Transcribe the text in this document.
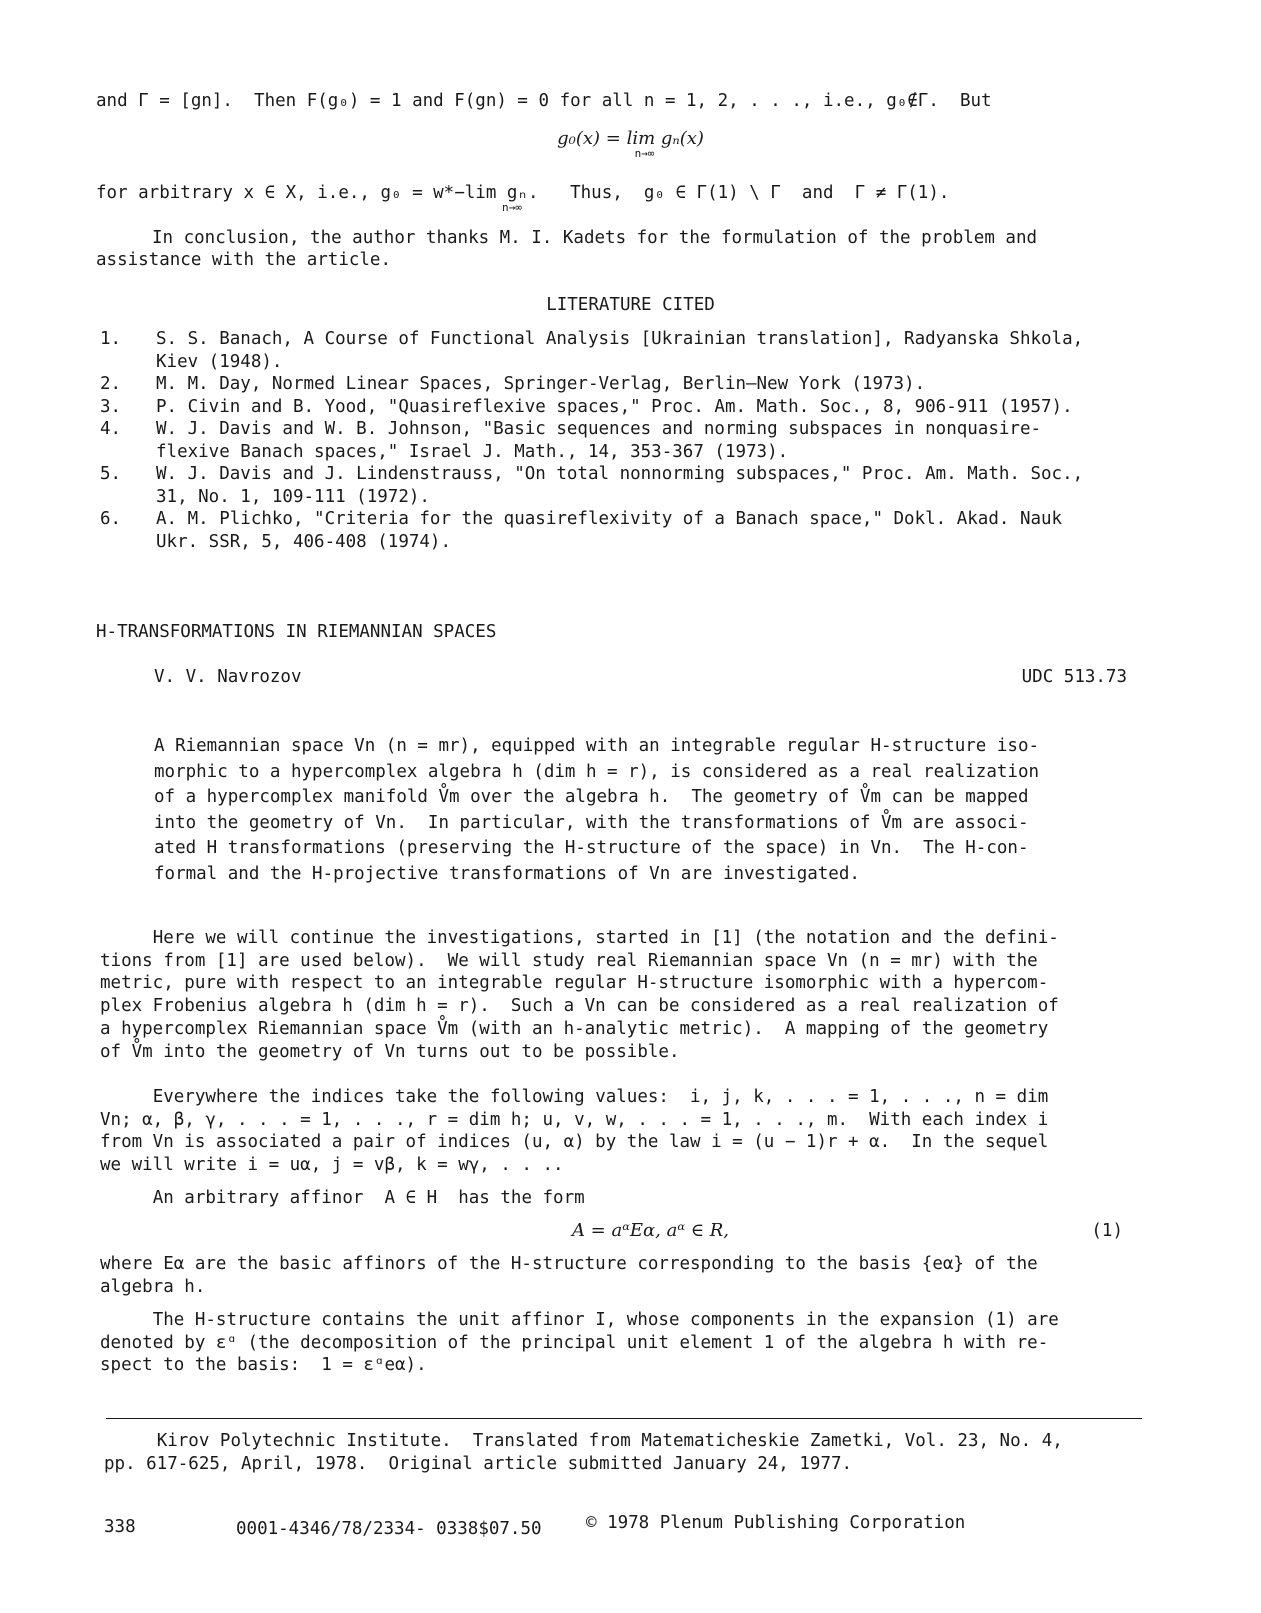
and Γ = [gn].  Then F(g₀) = 1 and F(gn) = 0 for all n = 1, 2, . . ., i.e., g₀∉Γ.  But
g₀(x) = lim gₙ(x)
n→∞
for arbitrary x ∈ X, i.e., g₀ = w*−lim gₙ.   Thus,  g₀ ∈ Γ(1) \ Γ  and  Γ ≠ Γ(1).
n→∞
In conclusion, the author thanks M. I. Kadets for the formulation of the problem and
assistance with the article.
LITERATURE CITED
1. S. S. Banach, A Course of Functional Analysis [Ukrainian translation], Radyanska Shkola,
Kiev (1948).
2. M. M. Day, Normed Linear Spaces, Springer-Verlag, Berlin—New York (1973).
3. P. Civin and B. Yood, "Quasireflexive spaces," Proc. Am. Math. Soc., 8, 906-911 (1957).
4. W. J. Davis and W. B. Johnson, "Basic sequences and norming subspaces in nonquasire-
flexive Banach spaces," Israel J. Math., 14, 353-367 (1973).
5. W. J. Davis and J. Lindenstrauss, "On total nonnorming subspaces," Proc. Am. Math. Soc.,
31, No. 1, 109-111 (1972).
6. A. M. Plichko, "Criteria for the quasireflexivity of a Banach space," Dokl. Akad. Nauk
Ukr. SSR, 5, 406-408 (1974).
H-TRANSFORMATIONS IN RIEMANNIAN SPACES
V. V. Navrozov	UDC 513.73
A Riemannian space Vn (n = mr), equipped with an integrable regular H-structure iso-
morphic to a hypercomplex algebra h (dim h = r), is considered as a real realization
of a hypercomplex manifold V̊m over the algebra h.  The geometry of V̊m can be mapped
into the geometry of Vn.  In particular, with the transformations of V̊m are associ-
ated H transformations (preserving the H-structure of the space) in Vn.  The H-con-
formal and the H-projective transformations of Vn are investigated.
Here we will continue the investigations, started in [1] (the notation and the defini-
tions from [1] are used below).  We will study real Riemannian space Vn (n = mr) with the
metric, pure with respect to an integrable regular H-structure isomorphic with a hypercom-
plex Frobenius algebra h (dim h = r).  Such a Vn can be considered as a real realization of
a hypercomplex Riemannian space V̊m (with an h-analytic metric).  A mapping of the geometry
of V̊m into the geometry of Vn turns out to be possible.
Everywhere the indices take the following values:  i, j, k, . . . = 1, . . ., n = dim
Vn; α, β, γ, . . . = 1, . . ., r = dim h; u, v, w, . . . = 1, . . ., m.  With each index i
from Vn is associated a pair of indices (u, α) by the law i = (u − 1)r + α.  In the sequel
we will write i = uα, j = vβ, k = wγ, . . ..
An arbitrary affinor  A ∈ H  has the form
A = aᵅEα, aᵅ ∈ R,	(1)
where Eα are the basic affinors of the H-structure corresponding to the basis {eα} of the
algebra h.
The H-structure contains the unit affinor I, whose components in the expansion (1) are
denoted by εᵅ (the decomposition of the principal unit element 1 of the algebra h with re-
spect to the basis:  1 = εᵅeα).
Kirov Polytechnic Institute.  Translated from Matematicheskie Zametki, Vol. 23, No. 4,
pp. 617-625, April, 1978.  Original article submitted January 24, 1977.
338	0001-4346/78/2334- 0338$07.50	© 1978 Plenum Publishing Corporation
